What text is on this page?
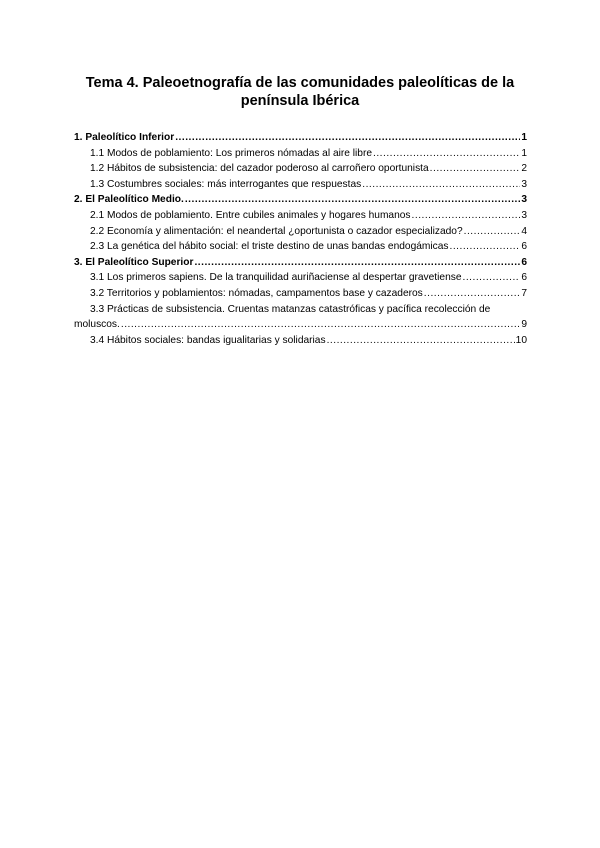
Tema 4. Paleoetnografía de las comunidades paleolíticas de la península Ibérica
1. Paleolítico Inferior .....	1
1.1 Modos de poblamiento: Los primeros nómadas al aire libre .....	1
1.2 Hábitos de subsistencia: del cazador poderoso al carroñero oportunista .....	2
1.3 Costumbres sociales: más interrogantes que respuestas .....	3
2. El Paleolítico Medio. .....	3
2.1 Modos de poblamiento. Entre cubiles animales y hogares humanos .....	3
2.2 Economía y alimentación: el neandertal ¿oportunista o cazador especializado? .....	4
2.3 La genética del hábito social: el triste destino de unas bandas endogámicas .....	6
3. El Paleolítico Superior .....	6
3.1 Los primeros sapiens. De la tranquilidad auriñaciense al despertar gravetiense .....	6
3.2 Territorios y poblamientos: nómadas, campamentos base y cazaderos .....	7
3.3 Prácticas de subsistencia. Cruentas matanzas catastróficas y pacífica recolección de
moluscos. .....	9
3.4 Hábitos sociales: bandas igualitarias y solidarias .....	10
